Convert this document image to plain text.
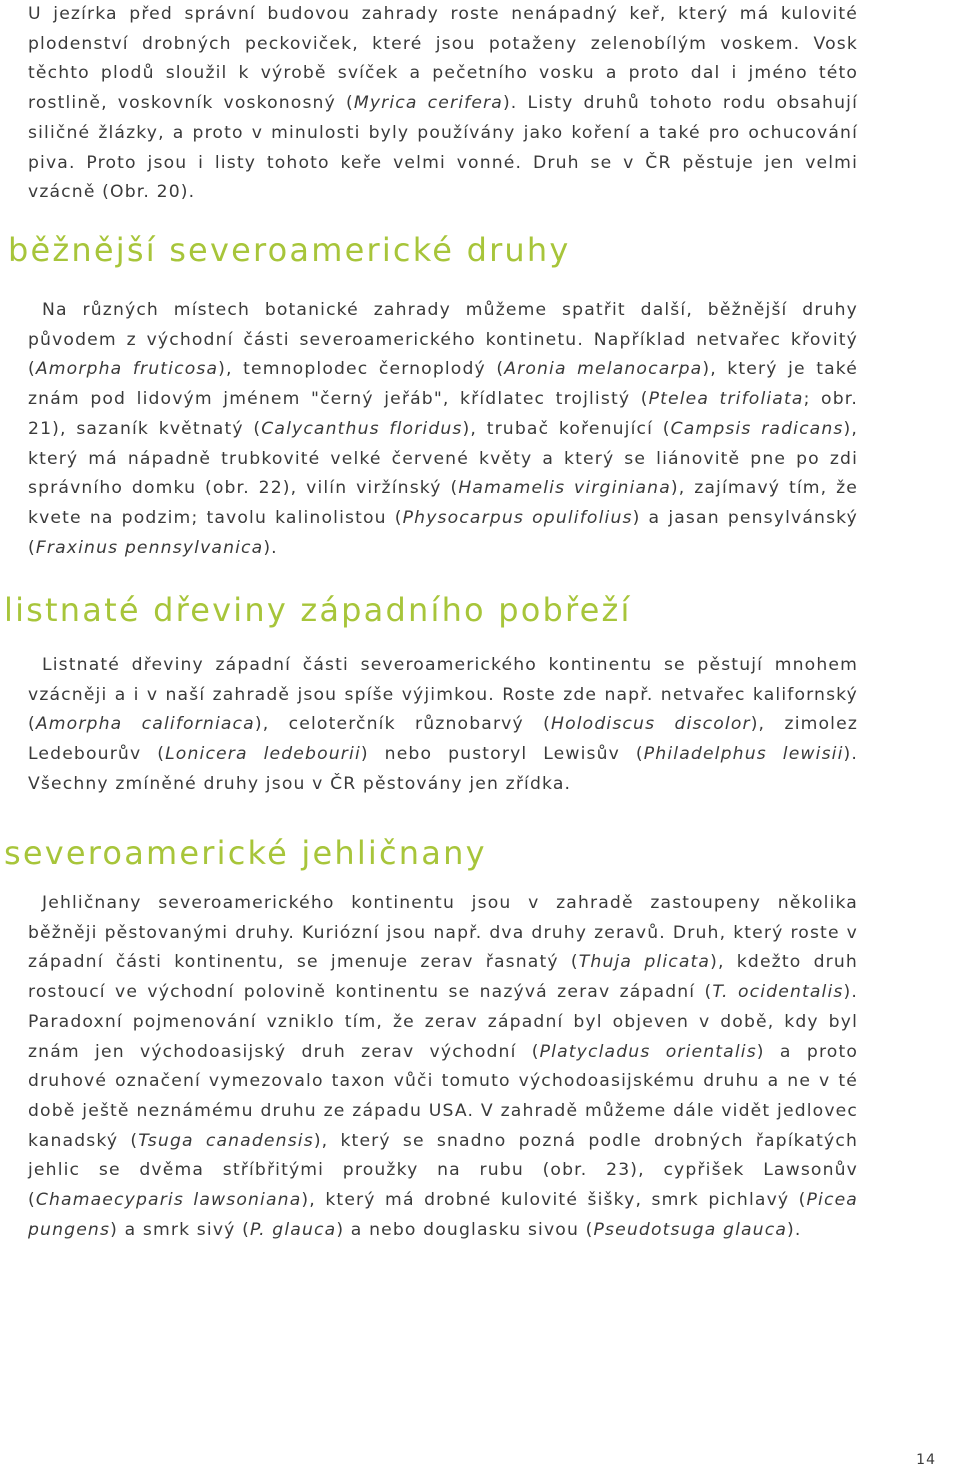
U jezírka před správní budovou zahrady roste nenápadný keř, který má kulovité plodenství drobných peckoviček, které jsou potaženy zelenobílým voskem. Vosk těchto plodů sloužil k výrobě svíček a pečetního vosku a proto dal i jméno této rostlině, voskovník voskonosný (Myrica cerifera). Listy druhů tohoto rodu obsahují siličné žlázky, a proto v minulosti byly používány jako koření a také pro ochucování piva. Proto jsou i listy tohoto keře velmi vonné. Druh se v ČR pěstuje jen velmi vzácně (Obr. 20).

běžnější severoamerické druhy

Na různých místech botanické zahrady můžeme spatřit další, běžnější druhy původem z východní části severoamerického kontinetu. Například netvařec křovitý (Amorpha fruticosa), temnoplodec černoplodý (Aronia melanocarpa), který je také znám pod lidovým jménem "černý jeřáb", křídlatec trojlistý (Ptelea trifoliata; obr. 21), sazaník květnatý (Calycanthus floridus), trubač kořenující (Campsis radicans), který má nápadně trubkovité velké červené květy a který se liánovitě pne po zdi správního domku (obr. 22), vilín viržínský (Hamamelis virginiana), zajímavý tím, že kvete na podzim; tavolu kalinolistou (Physocarpus opulifolius) a jasan pensylvánský (Fraxinus pennsylvanica).

listnaté dřeviny západního pobřeží

Listnaté dřeviny západní části severoamerického kontinentu se pěstují mnohem vzácněji a i v naší zahradě jsou spíše výjimkou. Roste zde např. netvařec kalifornský (Amorpha californiaca), celoterčník různobarvý (Holodiscus discolor), zimolez Ledebourův (Lonicera ledebourii) nebo pustoryl Lewisův (Philadelphus lewisii). Všechny zmíněné druhy jsou v ČR pěstovány jen zřídka.

severoamerické jehličnany

Jehličnany severoamerického kontinentu jsou v zahradě zastoupeny několika běžněji pěstovanými druhy. Kuriózní jsou např. dva druhy zeravů. Druh, který roste v západní části kontinentu, se jmenuje zerav řasnatý (Thuja plicata), kdežto druh rostoucí ve východní polovině kontinentu se nazývá zerav západní (T. ocidentalis). Paradoxní pojmenování vzniklo tím, že zerav západní byl objeven v době, kdy byl znám jen východoasijský druh zerav východní (Platycladus orientalis) a proto druhové označení vymezovalo taxon vůči tomuto východoasijskému druhu a ne v té době ještě neznámému druhu ze západu USA. V zahradě můžeme dále vidět jedlovec kanadský (Tsuga canadensis), který se snadno pozná podle drobných řapíkatých jehlic se dvěma stříbřitými proužky na rubu (obr. 23), cypřišek Lawsonův (Chamaecyparis lawsoniana), který má drobné kulovité šišky, smrk pichlavý (Picea pungens) a smrk sivý (P. glauca) a nebo douglasku sivou (Pseudotsuga glauca).

14
